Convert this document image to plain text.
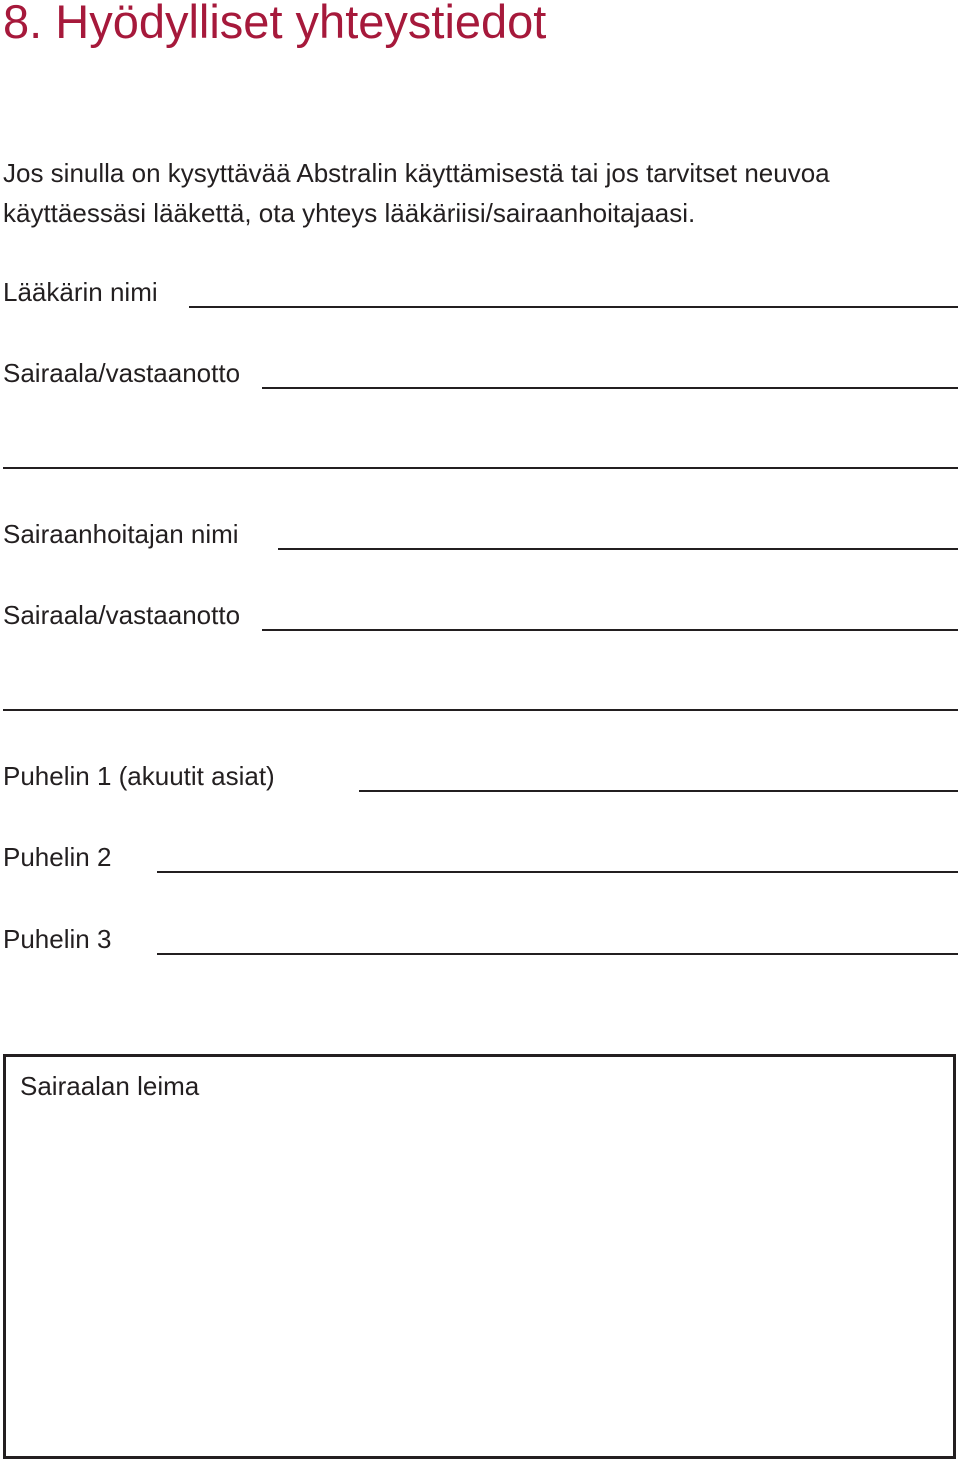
8. Hyödylliset yhteystiedot

Jos sinulla on kysyttävää Abstralin käyttämisestä tai jos tarvitset neuvoa
käyttäessäsi lääkettä, ota yhteys lääkäriisi/sairaanhoitajaasi.

Lääkärin nimi
Sairaala/vastaanotto
Sairaanhoitajan nimi
Sairaala/vastaanotto
Puhelin 1 (akuutit asiat)
Puhelin 2
Puhelin 3
Sairaalan leima
